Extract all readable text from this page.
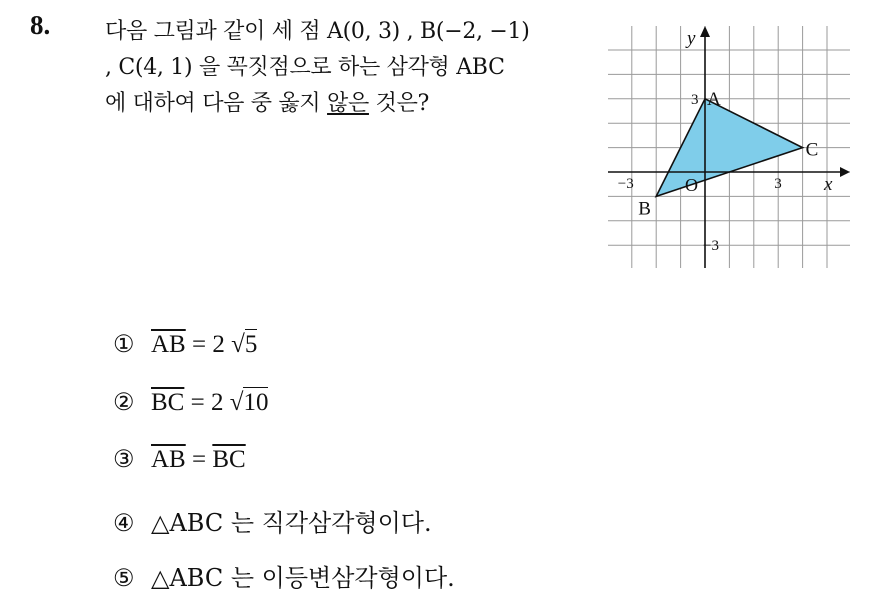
8. 다음 그림과 같이 세 점 A(0, 3) , B(−2, −1)
, C(4, 1) 을 꼭짓점으로 하는 삼각형 ABC
에 대하여 다음 중 옳지 않은 것은?
x
y
O
−3	3
3
−3
A
B
C
① $\overline{AB} = 2$ √5
② $\overline{BC} = 2$ √10
③ $\overline{AB} = \overline{BC}$
④ △ABC 는 직각삼각형이다.
⑤ △ABC 는 이등변삼각형이다.
